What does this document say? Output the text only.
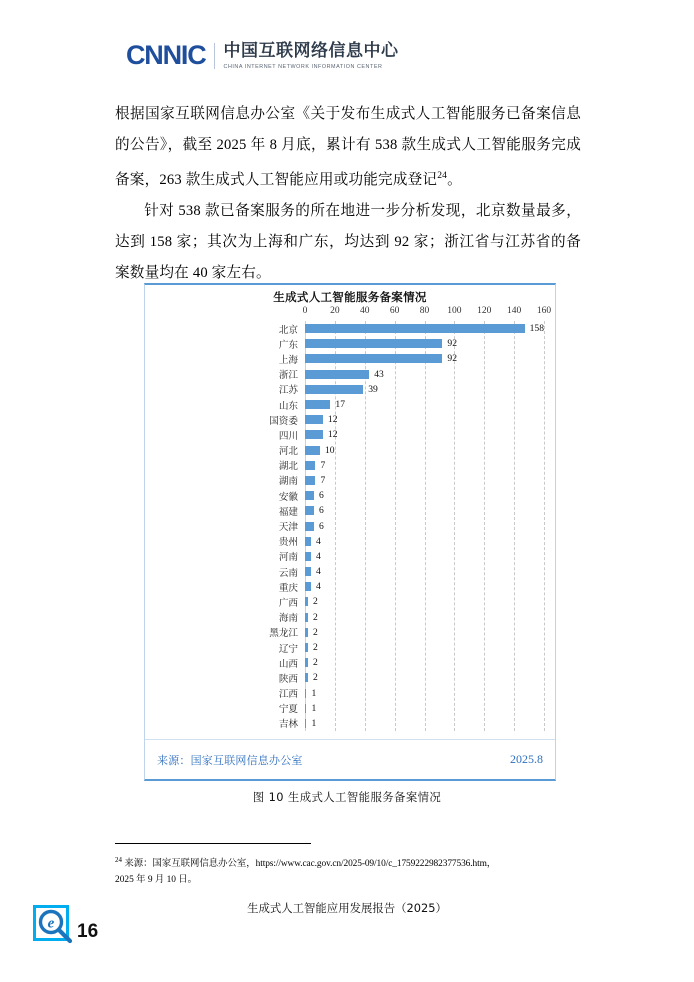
CNNIC 中国互联网络信息中心
CHINA INTERNET NETWORK INFORMATION CENTER
根据国家互联网信息办公室《关于发布生成式人工智能服务已备案信息的公告》，截至 2025 年 8 月底，累计有 538 款生成式人工智能服务完成备案，263 款生成式人工智能应用或功能完成登记$^{24}$。
针对 538 款已备案服务的所在地进一步分析发现，北京数量最多，达到 158 家；其次为上海和广东，均达到 92 家；浙江省与江苏省的备案数量均在 40 家左右。
生成式人工智能服务备案情况
0 20 40 60 80 100 120 140 160
北京	158
广东	92
上海	92
浙江	43
江苏	39
山东	17
国资委	12
四川	12
河北	10
湖北	7
湖南	7
安徽	6
福建	6
天津	6
贵州	4
河南	4
云南	4
重庆	4
广西	2
海南	2
黑龙江	2
辽宁	2
山西	2
陕西	2
江西	1
宁夏	1
吉林	1
来源：国家互联网信息办公室	2025.8
图 10 生成式人工智能服务备案情况
$^{24}$ 来源：国家互联网信息办公室，https://www.cac.gov.cn/2025-09/10/c_1759222982377536.htm，
2025 年 9 月 10 日。
生成式人工智能应用发展报告（2025）
e 16
